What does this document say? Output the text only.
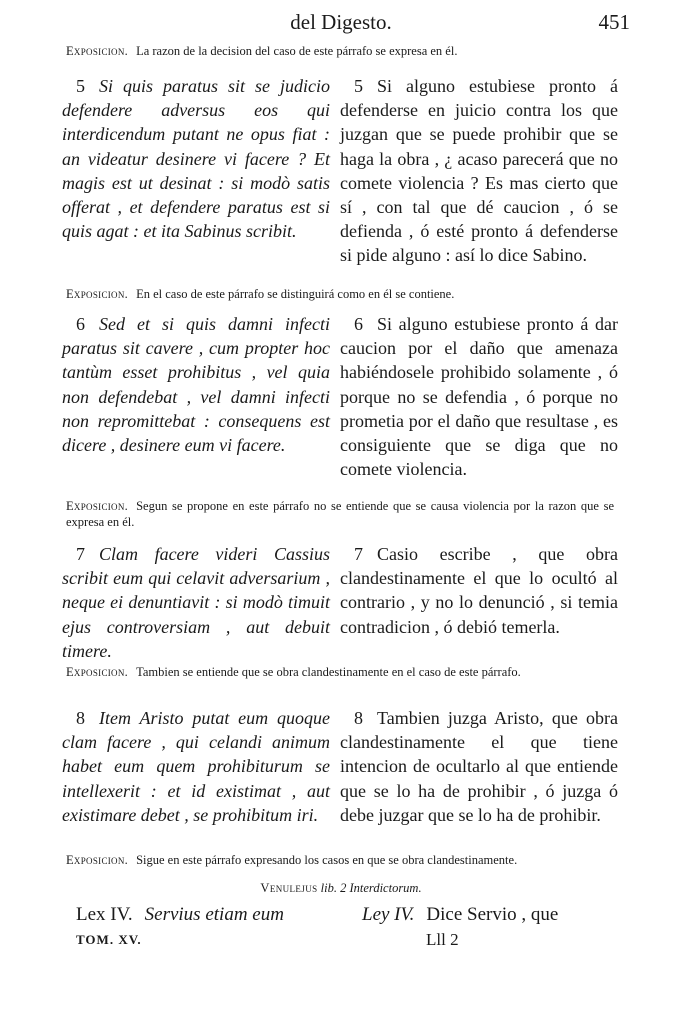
del Digesto.	451
Exposicion. La razon de la decision del caso de este párrafo se expresa en él.
5 Si quis paratus sit se judicio defendere adversus eos qui interdicendum putant ne opus fiat : an videatur desinere vi facere ? Et magis est ut desinat : si modò satis offerat , et defendere paratus est si quis agat : et ita Sabinus scribit.
5 Si alguno estubiese pronto á defenderse en juicio contra los que juzgan que se puede prohibir que se haga la obra , ¿ acaso parecerá que no comete violencia ? Es mas cierto que sí , con tal que dé caucion , ó se defienda , ó esté pronto á defenderse si pide alguno : así lo dice Sabino.
Exposicion. En el caso de este párrafo se distinguirá como en él se contiene.
6 Sed et si quis damni infecti paratus sit cavere , cum propter hoc tantùm esset prohibitus , vel quia non defendebat , vel damni infecti non repromittebat : consequens est dicere , desinere eum vi facere.
6 Si alguno estubiese pronto á dar caucion por el daño que amenaza habiéndosele prohibido solamente , ó porque no se defendia , ó porque no prometia por el daño que resultase , es consiguiente que se diga que no comete violencia.
Exposicion. Segun se propone en este párrafo no se entiende que se causa violencia por la razon que se expresa en él.
7 Clam facere videri Cassius scribit eum qui celavit adversarium , neque ei denuntiavit : si modò timuit ejus controversiam , aut debuit timere.
7 Casio escribe , que obra clandestinamente el que lo ocultó al contrario , y no lo denunció , si temia contradicion , ó debió temerla.
Exposicion. Tambien se entiende que se obra clandestinamente en el caso de este párrafo.
8 Item Aristo putat eum quoque clam facere , qui celandi animum habet eum quem prohibiturum se intellexerit : et id existimat , aut existimare debet , se prohibitum iri.
8 Tambien juzga Aristo, que obra clandestinamente el que tiene intencion de ocultarlo al que entiende que se lo ha de prohibir , ó juzga ó debe juzgar que se lo ha de prohibir.
Exposicion. Sigue en este párrafo expresando los casos en que se obra clandestinamente.
Venulejus lib. 2 Interdictorum.
Lex IV. Servius etiam eum	Ley IV. Dice Servio , que
TOM. XV.	Lll 2
